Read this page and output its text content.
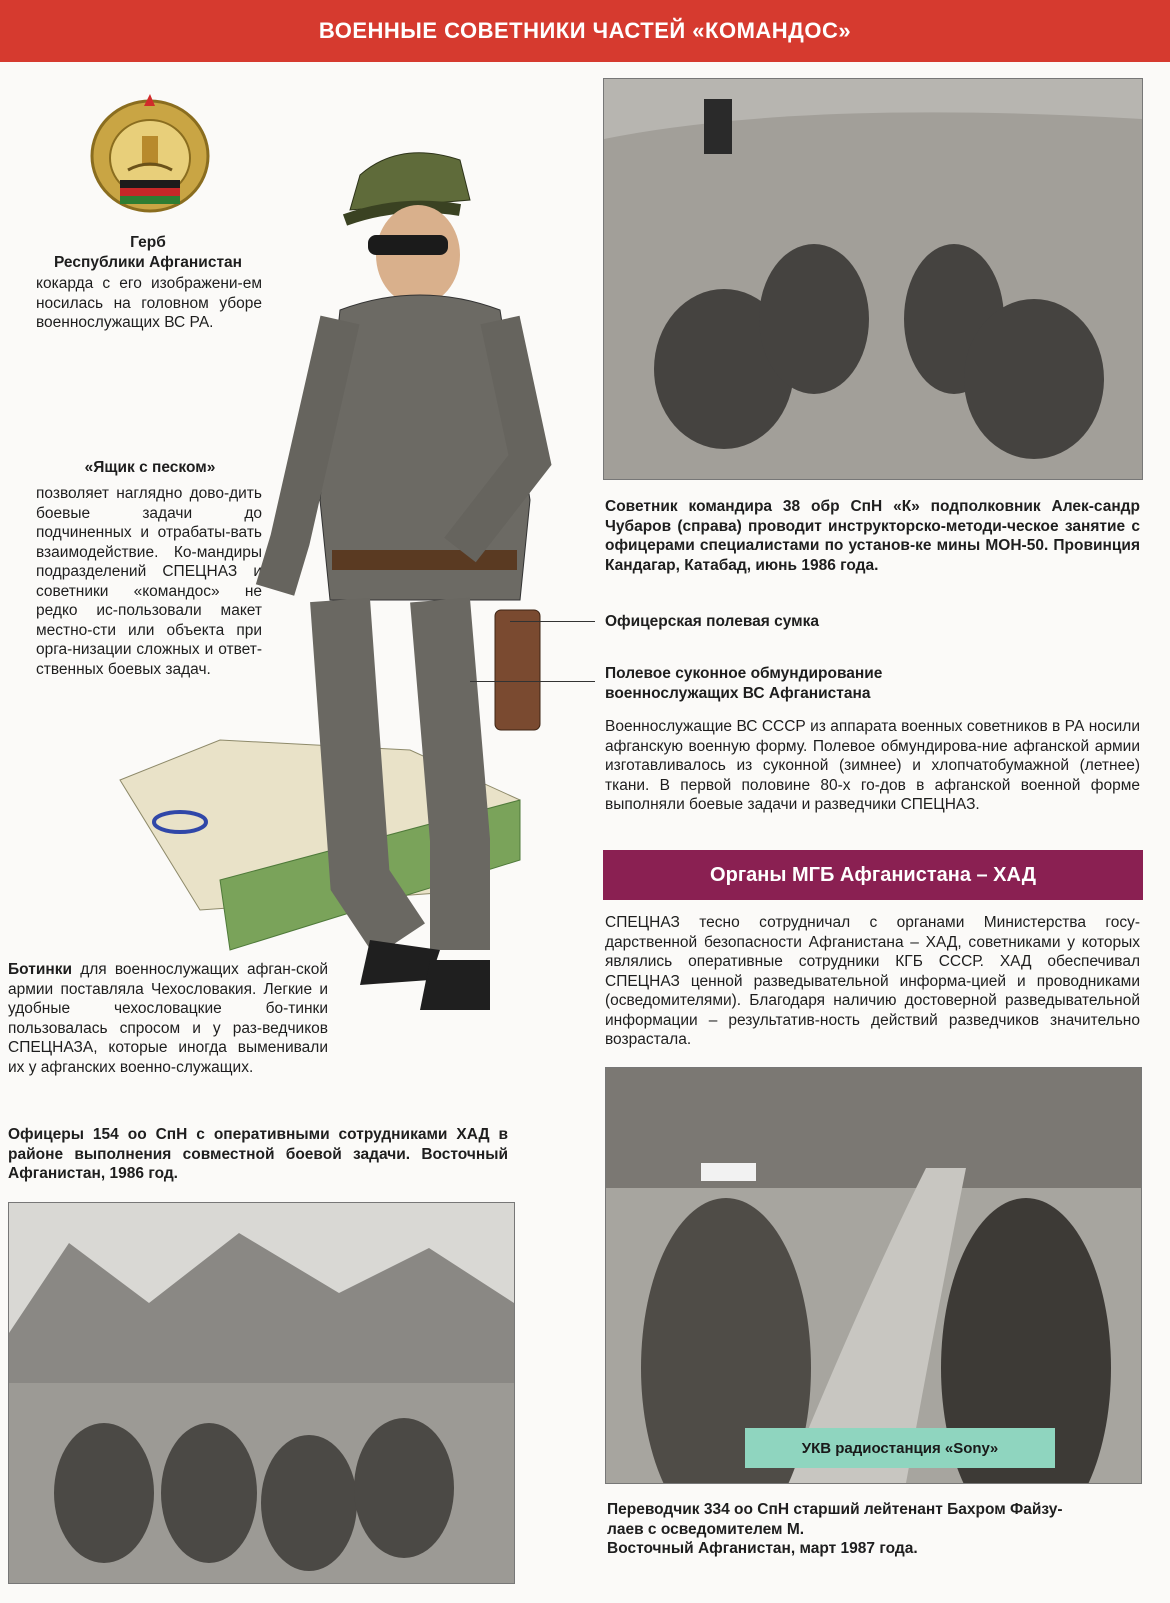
ВОЕННЫЕ СОВЕТНИКИ ЧАСТЕЙ «КОМАНДОС»
Герб
Республики Афганистан
кокарда с его изображени-ем носилась на головном уборе военнослужащих ВС РА.
«Ящик с песком»
позволяет наглядно дово-дить боевые задачи до подчиненных и отрабаты-вать взаимодействие. Ко-мандиры подразделений СПЕЦНАЗ и советники «командос» не редко ис-пользовали макет местно-сти или объекта при орга-низации сложных и ответ-ственных боевых задач.
Ботинки для военнослужащих афган-ской армии поставляла Чехословакия. Легкие и удобные чехословацкие бо-тинки пользовалась спросом и у раз-ведчиков СПЕЦНАЗА, которые иногда выменивали их у афганских военно-служащих.
Офицеры 154 оо СпН с оперативными сотрудниками ХАД в районе выполнения совместной боевой задачи. Восточный Афганистан, 1986 год.
Советник командира 38 обр СпН «К» подполковник Алек-сандр Чубаров (справа) проводит инструкторско-методи-ческое занятие с офицерами специалистами по установ-ке мины МОН-50. Провинция Кандагар, Катабад, июнь 1986 года.
Офицерская полевая сумка
Полевое суконное обмундирование
военнослужащих ВС Афганистана
Военнослужащие ВС СССР из аппарата военных советников в РА носили афганскую военную форму. Полевое обмундирова-ние афганской армии изготавливалось из суконной (зимнее) и хлопчатобумажной (летнее) ткани. В первой половине 80-х го-дов в афганской военной форме выполняли боевые задачи и разведчики СПЕЦНАЗ.
Органы МГБ Афганистана – ХАД
СПЕЦНАЗ тесно сотрудничал с органами Министерства госу-дарственной безопасности Афганистана – ХАД, советниками у которых являлись оперативные сотрудники КГБ СССР. ХАД обеспечивал СПЕЦНАЗ ценной разведывательной информа-цией и проводниками (осведомителями). Благодаря наличию достоверной разведывательной информации – результатив-ность действий разведчиков значительно возрастала.
УКВ радиостанция «Sony»
Переводчик 334 оо СпН старший лейтенант Бахром Файзу-
лаев с осведомителем М.
Восточный Афганистан, март 1987 года.
